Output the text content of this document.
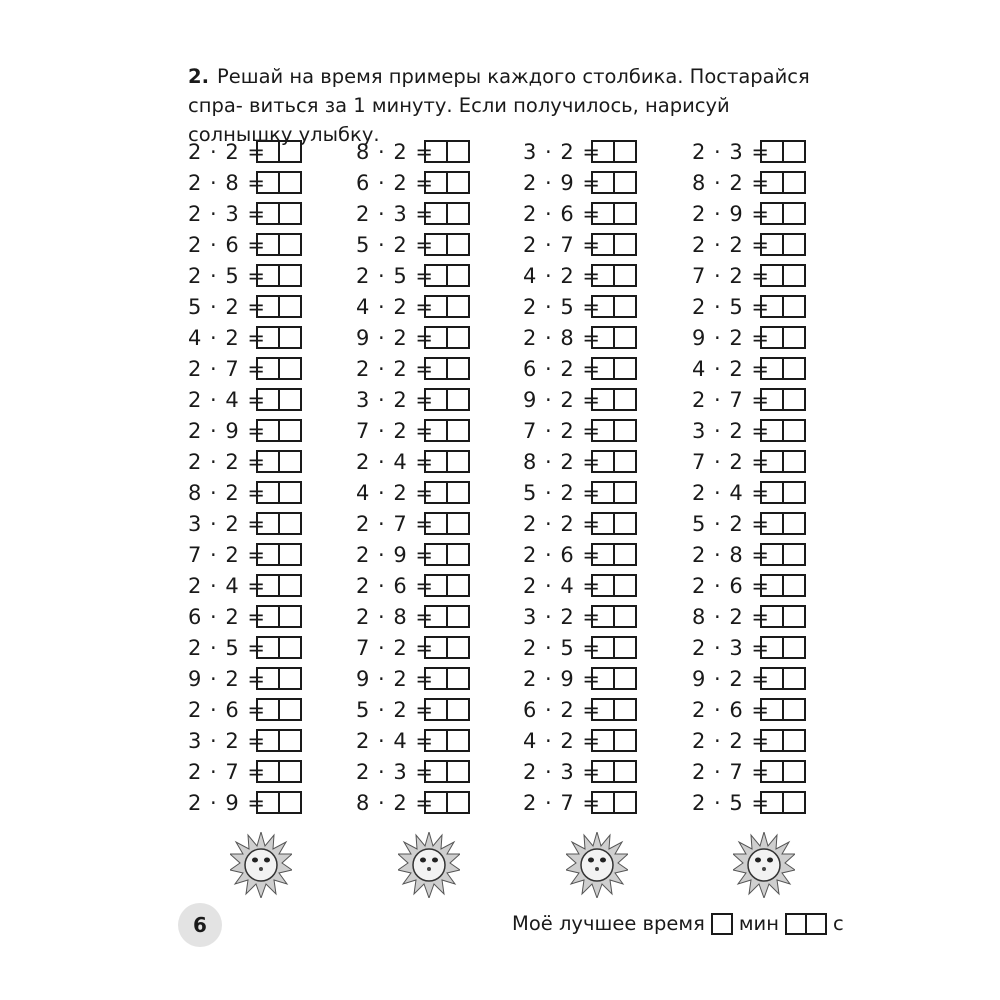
2. Решай на время примеры каждого столбика. Постарайся спра- виться за 1 минуту. Если получилось, нарисуй солнышку улыбку.
2 · 2 =
2 · 8 =
2 · 3 =
2 · 6 =
2 · 5 =
5 · 2 =
4 · 2 =
2 · 7 =
2 · 4 =
2 · 9 =
2 · 2 =
8 · 2 =
3 · 2 =
7 · 2 =
2 · 4 =
6 · 2 =
2 · 5 =
9 · 2 =
2 · 6 =
3 · 2 =
2 · 7 =
2 · 9 =
8 · 2 =
6 · 2 =
2 · 3 =
5 · 2 =
2 · 5 =
4 · 2 =
9 · 2 =
2 · 2 =
3 · 2 =
7 · 2 =
2 · 4 =
4 · 2 =
2 · 7 =
2 · 9 =
2 · 6 =
2 · 8 =
7 · 2 =
9 · 2 =
5 · 2 =
2 · 4 =
2 · 3 =
8 · 2 =
3 · 2 =
2 · 9 =
2 · 6 =
2 · 7 =
4 · 2 =
2 · 5 =
2 · 8 =
6 · 2 =
9 · 2 =
7 · 2 =
8 · 2 =
5 · 2 =
2 · 2 =
2 · 6 =
2 · 4 =
3 · 2 =
2 · 5 =
2 · 9 =
6 · 2 =
4 · 2 =
2 · 3 =
2 · 7 =
2 · 3 =
8 · 2 =
2 · 9 =
2 · 2 =
7 · 2 =
2 · 5 =
9 · 2 =
4 · 2 =
2 · 7 =
3 · 2 =
7 · 2 =
2 · 4 =
5 · 2 =
2 · 8 =
2 · 6 =
8 · 2 =
2 · 3 =
9 · 2 =
2 · 6 =
2 · 2 =
2 · 7 =
2 · 5 =
6	Моё лучшее время мин	с
